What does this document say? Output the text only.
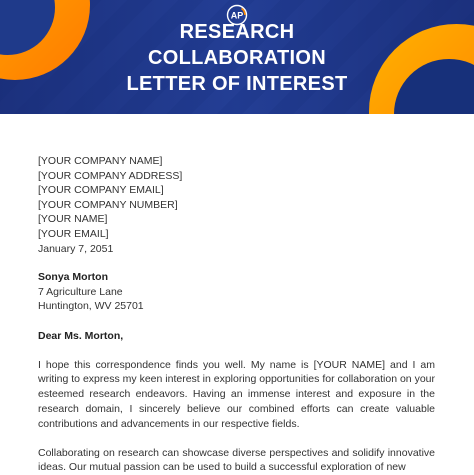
AP
RESEARCH
COLLABORATION
LETTER OF INTEREST
[YOUR COMPANY NAME]
[YOUR COMPANY ADDRESS]
[YOUR COMPANY EMAIL]
[YOUR COMPANY NUMBER]
[YOUR NAME]
[YOUR EMAIL]
January 7, 2051
Sonya Morton
7 Agriculture Lane
Huntington, WV 25701
Dear Ms. Morton,

I hope this correspondence finds you well. My name is [YOUR NAME] and I am writing to express my keen interest in exploring opportunities for collaboration on your esteemed research endeavors. Having an immense interest and exposure in the research domain, I sincerely believe our combined efforts can create valuable contributions and advancements in our respective fields.

Collaborating on research can showcase diverse perspectives and solidify innovative ideas. Our mutual passion can be used to build a successful exploration of new
